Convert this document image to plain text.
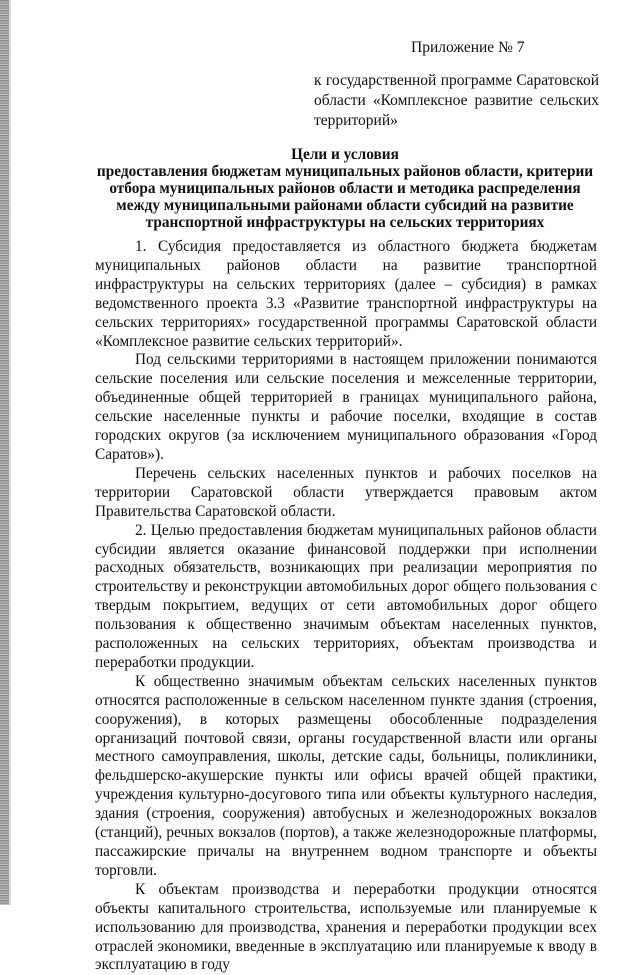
Приложение № 7
к государственной программе Саратовской области «Комплексное развитие сельских территорий»
Цели и условия
предоставления бюджетам муниципальных районов области, критерии
отбора муниципальных районов области и методика распределения
между муниципальными районами области субсидий на развитие
транспортной инфраструктуры на сельских территориях

1. Субсидия предоставляется из областного бюджета бюджетам муниципальных районов области на развитие транспортной инфраструктуры на сельских территориях (далее – субсидия) в рамках ведомственного проекта 3.3 «Развитие транспортной инфраструктуры на сельских территориях» государственной программы Саратовской области «Комплексное развитие сельских территорий».

Под сельскими территориями в настоящем приложении понимаются сельские поселения или сельские поселения и межселенные территории, объединенные общей территорией в границах муниципального района, сельские населенные пункты и рабочие поселки, входящие в состав городских округов (за исключением муниципального образования «Город Саратов»).

Перечень сельских населенных пунктов и рабочих поселков на территории Саратовской области утверждается правовым актом Правительства Саратовской области.

2. Целью предоставления бюджетам муниципальных районов области субсидии является оказание финансовой поддержки при исполнении расходных обязательств, возникающих при реализации мероприятия по строительству и реконструкции автомобильных дорог общего пользования с твердым покрытием, ведущих от сети автомобильных дорог общего пользования к общественно значимым объектам населенных пунктов, расположенных на сельских территориях, объектам производства и переработки продукции.

К общественно значимым объектам сельских населенных пунктов относятся расположенные в сельском населенном пункте здания (строения, сооружения), в которых размещены обособленные подразделения организаций почтовой связи, органы государственной власти или органы местного самоуправления, школы, детские сады, больницы, поликлиники, фельдшерско-акушерские пункты или офисы врачей общей практики, учреждения культурно-досугового типа или объекты культурного наследия, здания (строения, сооружения) автобусных и железнодорожных вокзалов (станций), речных вокзалов (портов), а также железнодорожные платформы, пассажирские причалы на внутреннем водном транспорте и объекты торговли.

К объектам производства и переработки продукции относятся объекты капитального строительства, используемые или планируемые к использованию для производства, хранения и переработки продукции всех отраслей экономики, введенные в эксплуатацию или планируемые к вводу в эксплуатацию в году
